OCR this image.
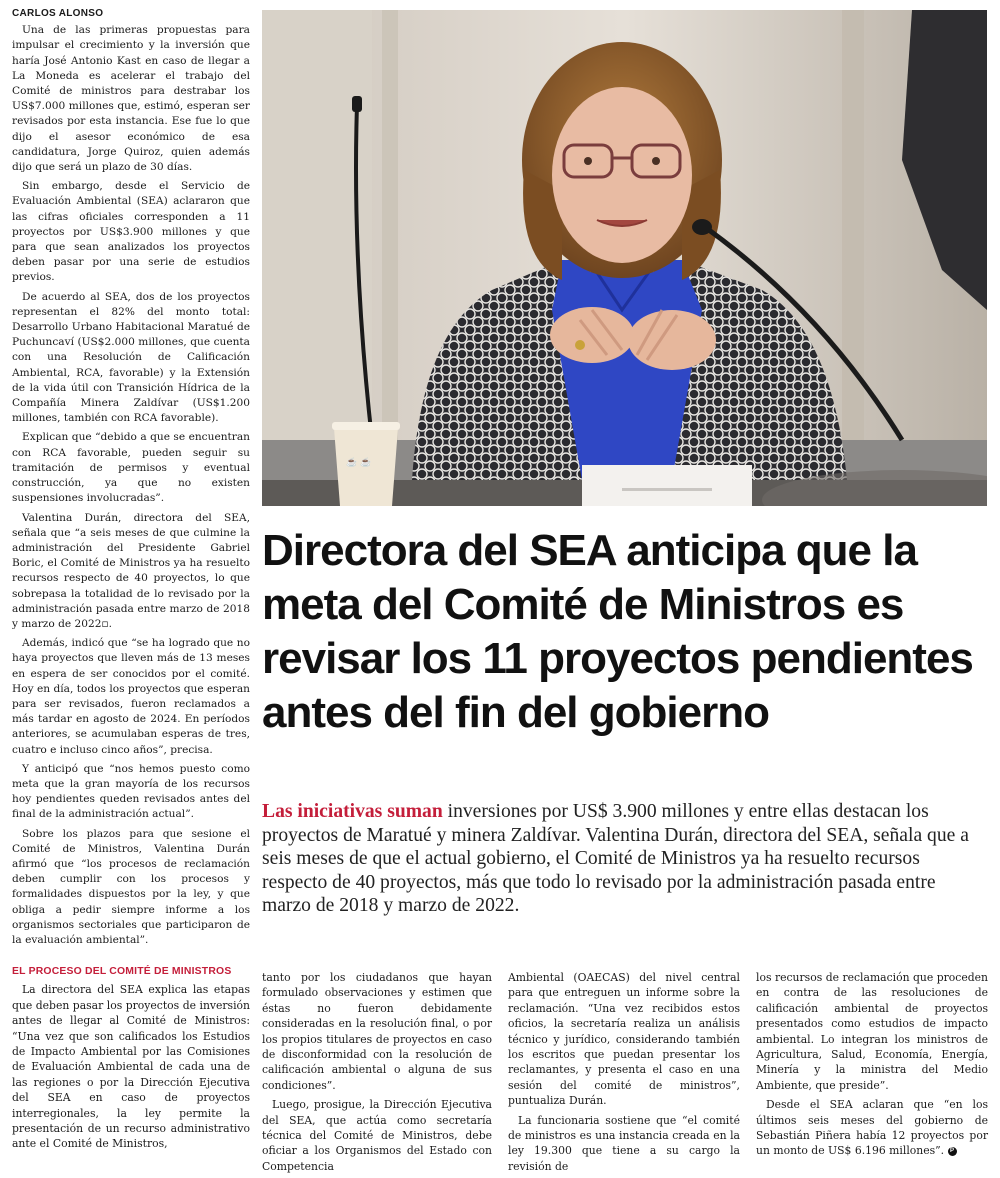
CARLOS ALONSO

Una de las primeras propuestas para impulsar el crecimiento y la inversión que haría José Antonio Kast en caso de llegar a La Moneda es acelerar el trabajo del Comité de ministros para destrabar los US$7.000 millones que, estimó, esperan ser revisados por esta instancia. Ese fue lo que dijo el asesor económico de esa candidatura, Jorge Quiroz, quien además dijo que será un plazo de 30 días.

Sin embargo, desde el Servicio de Evaluación Ambiental (SEA) aclararon que las cifras oficiales corresponden a 11 proyectos por US$3.900 millones y que para que sean analizados los proyectos deben pasar por una serie de estudios previos.

De acuerdo al SEA, dos de los proyectos representan el 82% del monto total: Desarrollo Urbano Habitacional Maratué de Puchuncaví (US$2.000 millones, que cuenta con una Resolución de Calificación Ambiental, RCA, favorable) y la Extensión de la vida útil con Transición Hídrica de la Compañía Minera Zaldívar (US$1.200 millones, también con RCA favorable).

Explican que “debido a que se encuentran con RCA favorable, pueden seguir su tramitación de permisos y eventual construcción, ya que no existen suspensiones involucradas”.

Valentina Durán, directora del SEA, señala que “a seis meses de que culmine la administración del Presidente Gabriel Boric, el Comité de Ministros ya ha resuelto recursos respecto de 40 proyectos, lo que sobrepasa la totalidad de lo revisado por la administración pasada entre marzo de 2018 y marzo de 2022▫.

Además, indicó que “se ha logrado que no haya proyectos que lleven más de 13 meses en espera de ser conocidos por el comité. Hoy en día, todos los proyectos que esperan para ser revisados, fueron reclamados a más tardar en agosto de 2024. En períodos anteriores, se acumulaban esperas de tres, cuatro e incluso cinco años”, precisa.

Y anticipó que “nos hemos puesto como meta que la gran mayoría de los recursos hoy pendientes queden revisados antes del final de la administración actual”.

Sobre los plazos para que sesione el Comité de Ministros, Valentina Durán afirmó que “los procesos de reclamación deben cumplir con los procesos y formalidades dispuestos por la ley, y que obliga a pedir siempre informe a los organismos sectoriales que participaron de la evaluación ambiental”.

☕ ☕
Directora del SEA anticipa que la meta del Comité de Ministros es revisar los 11 proyectos pendientes antes del fin del gobierno

Las iniciativas suman inversiones por US$ 3.900 millones y entre ellas destacan los proyectos de Maratué y minera Zaldívar. Valentina Durán, directora del SEA, señala que a seis meses de que el actual gobierno, el Comité de Ministros ya ha resuelto recursos respecto de 40 proyectos, más que todo lo revisado por la administración pasada entre marzo de 2018 y marzo de 2022.

EL PROCESO DEL COMITÉ DE MINISTROS

La directora del SEA explica las etapas que deben pasar los proyectos de inversión antes de llegar al Comité de Ministros: “Una vez que son calificados los Estudios de Impacto Ambiental por las Comisiones de Evaluación Ambiental de cada una de las regiones o por la Dirección Ejecutiva del SEA en caso de proyectos interregionales, la ley permite la presentación de un recurso administrativo ante el Comité de Ministros,

tanto por los ciudadanos que hayan formulado observaciones y estimen que éstas no fueron debidamente consideradas en la resolución final, o por los propios titulares de proyectos en caso de disconformidad con la resolución de calificación ambiental o alguna de sus condiciones”.

Luego, prosigue, la Dirección Ejecutiva del SEA, que actúa como secretaría técnica del Comité de Ministros, debe oficiar a los Organismos del Estado con Competencia

Ambiental (OAECAS) del nivel central para que entreguen un informe sobre la reclamación. “Una vez recibidos estos oficios, la secretaría realiza un análisis técnico y jurídico, considerando también los escritos que puedan presentar los reclamantes, y presenta el caso en una sesión del comité de ministros”, puntualiza Durán.

La funcionaria sostiene que “el comité de ministros es una instancia creada en la ley 19.300 que tiene a su cargo la revisión de

los recursos de reclamación que proceden en contra de las resoluciones de calificación ambiental de proyectos presentados como estudios de impacto ambiental. Lo integran los ministros de Agricultura, Salud, Economía, Energía, Minería y la ministra del Medio Ambiente, que preside”.

Desde el SEA aclaran que “en los últimos seis meses del gobierno de Sebastián Piñera había 12 proyectos por un monto de US$ 6.196 millones”. P
